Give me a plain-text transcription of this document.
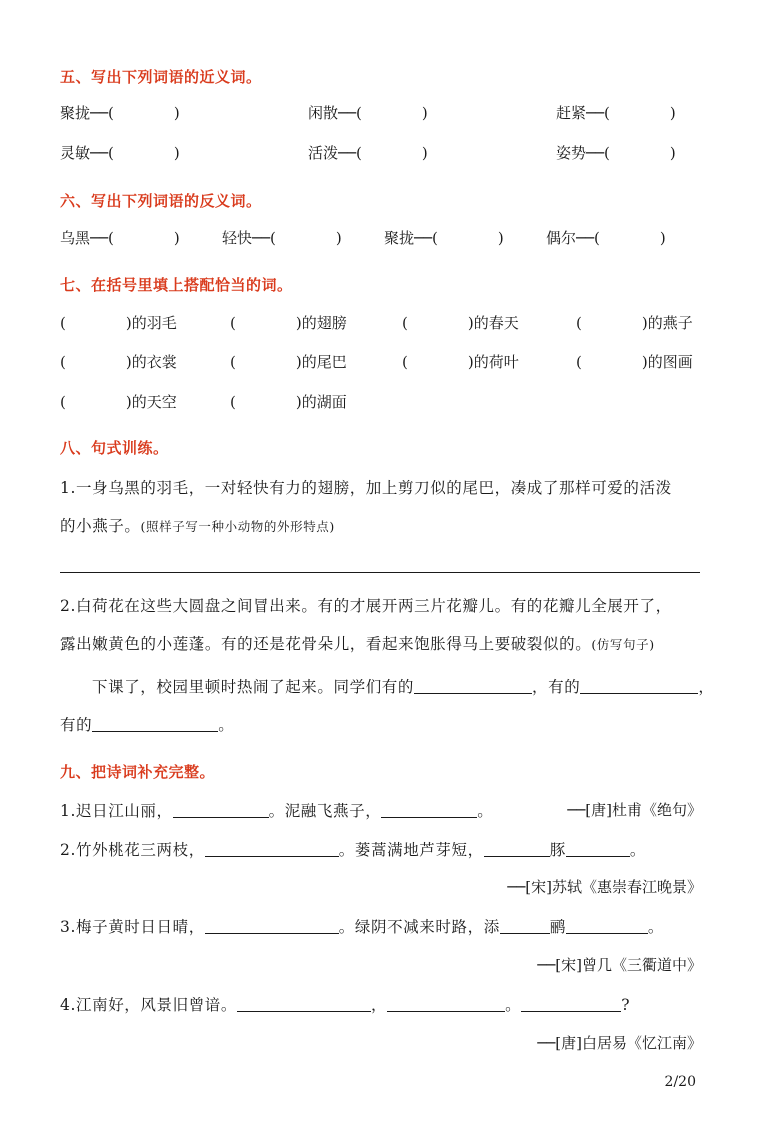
五、写出下列词语的近义词。
聚拢──(　　　　)	闲散──(　　　　)	赶紧──(　　　　)
灵敏──(　　　　)	活泼──(　　　　)	姿势──(　　　　)
六、写出下列词语的反义词。
乌黑──(　　　　)	轻快──(　　　　)	聚拢──(　　　　)	偶尔──(　　　　)
七、在括号里填上搭配恰当的词。
(　　　　)的羽毛	(　　　　)的翅膀	(　　　　)的春天	(　　　　)的燕子
(　　　　)的衣裳	(　　　　)的尾巴	(　　　　)的荷叶	(　　　　)的图画
(　　　　)的天空	(　　　　)的湖面
八、句式训练。
1.一身乌黑的羽毛，一对轻快有力的翅膀，加上剪刀似的尾巴，凑成了那样可爱的活泼
的小燕子。(照样子写一种小动物的外形特点)
2.白荷花在这些大圆盘之间冒出来。有的才展开两三片花瓣儿。有的花瓣儿全展开了，
露出嫩黄色的小莲蓬。有的还是花骨朵儿，看起来饱胀得马上要破裂似的。(仿写句子)
下课了，校园里顿时热闹了起来。同学们有的	，有的	，
有的	。
九、把诗词补充完整。
1.迟日江山丽，	。泥融飞燕子，	。	──[唐]杜甫《绝句》
2.竹外桃花三两枝，	。蒌蒿满地芦芽短，	豚	。
──[宋]苏轼《惠崇春江晚景》
3.梅子黄时日日晴，	。绿阴不减来时路，添	鹂	。
──[宋]曾几《三衢道中》
4.江南好，风景旧曾谙。	，	。	?
──[唐]白居易《忆江南》
2/20
